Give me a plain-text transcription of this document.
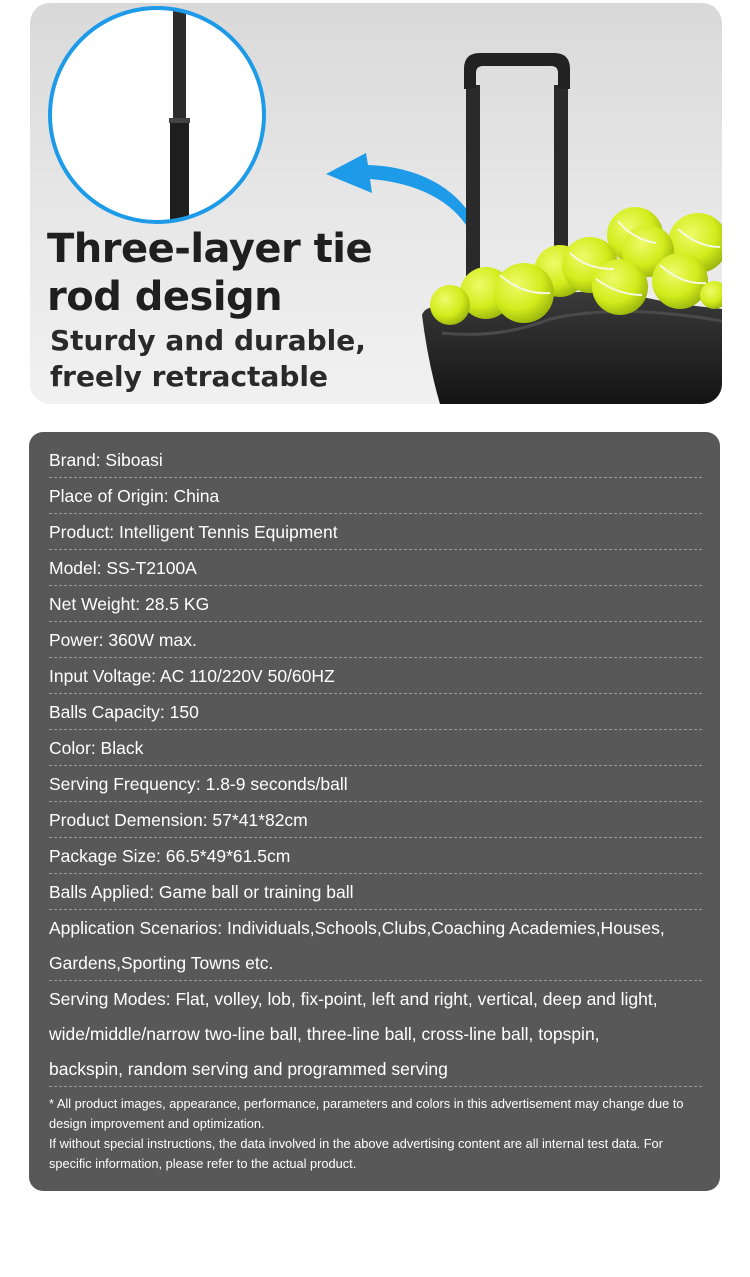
Three-layer tie
rod design

Sturdy and durable,
freely retractable

Brand: Siboasi
Place of Origin: China
Product: Intelligent Tennis Equipment
Model: SS-T2100A
Net Weight: 28.5 KG
Power: 360W max.
Input Voltage: AC 110/220V 50/60HZ
Balls Capacity: 150
Color: Black
Serving Frequency: 1.8-9 seconds/ball
Product Demension: 57*41*82cm
Package Size: 66.5*49*61.5cm
Balls Applied: Game ball or training ball
Application Scenarios: Individuals,Schools,Clubs,Coaching Academies,Houses,
Gardens,Sporting Towns etc.
Serving Modes: Flat, volley, lob, fix-point, left and right, vertical, deep and light,
wide/middle/narrow two-line ball, three-line ball, cross-line ball, topspin,
backspin, random serving and programmed serving

* All product images, appearance, performance, parameters and colors in this advertisement may change due to design improvement and optimization.

If without special instructions, the data involved in the above advertising content are all internal test data. For specific information, please refer to the actual product.
